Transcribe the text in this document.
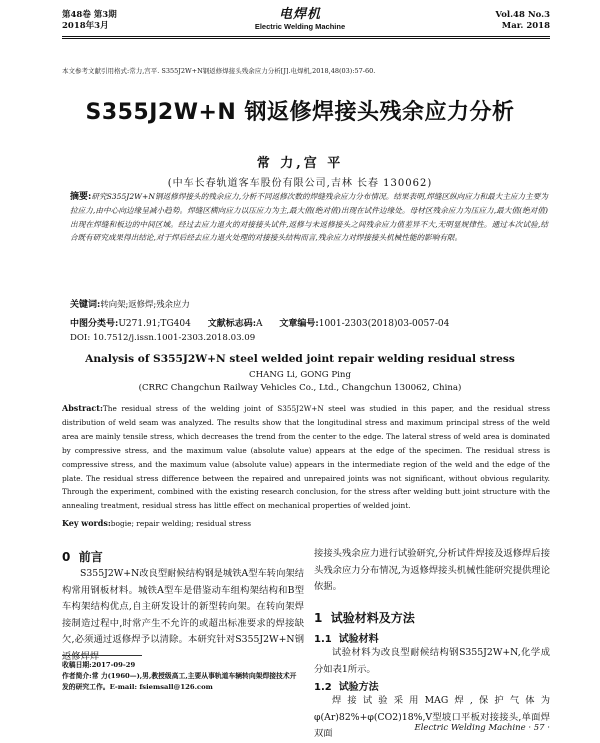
第48卷 第3期
2018年3月
电焊机
Electric Welding Machine
Vol.48 No.3
Mar. 2018
本文参考文献引用格式:常力,宫平. S355J2W+N钢返修焊接头残余应力分析[J].电焊机,2018,48(03):57-60.
S355J2W+N 钢返修焊接头残余应力分析
常 力,宫 平
(中车长春轨道客车股份有限公司,吉林 长春 130062)
摘要:研究S355J2W+N钢返修焊接头的残余应力,分析不同返修次数的焊缝残余应力分布情况。结果表明,焊缝区纵向应力和最大主应力主要为拉应力,由中心向边缘呈减小趋势。焊缝区横向应力以压应力为主,最大值(绝对值)出现在试件边缘处。母材区残余应力为压应力,最大值(绝对值)出现在焊缝和板边的中间区域。经过去应力退火的对接接头试件,返修与未返修接头之间残余应力值差异不大,无明显规律性。通过本次试验,结合既有研究成果得出结论,对于焊后经去应力退火处理的对接接头结构而言,残余应力对焊接接头机械性能的影响有限。
关键词:转向架;返修焊;残余应力
中图分类号:U271.91;TG404 文献标志码:A 文章编号:1001-2303(2018)03-0057-04
DOI: 10.7512/j.issn.1001-2303.2018.03.09
Analysis of S355J2W+N steel welded joint repair welding residual stress
CHANG Li, GONG Ping
(CRRC Changchun Railway Vehicles Co., Ltd., Changchun 130062, China)
Abstract:The residual stress of the welding joint of S355J2W+N steel was studied in this paper, and the residual stress distribution of weld seam was analyzed. The results show that the longitudinal stress and maximum principal stress of the weld area are mainly tensile stress, which decreases the trend from the center to the edge. The lateral stress of weld area is dominated by compressive stress, and the maximum value (absolute value) appears at the edge of the specimen. The residual stress is compressive stress, and the maximum value (absolute value) appears in the intermediate region of the weld and the edge of the plate. The residual stress difference between the repaired and unrepaired joints was not significant, without obvious regularity. Through the experiment, combined with the existing research conclusion, for the stress after welding butt joint structure with the annealing treatment, residual stress has little effect on mechanical properties of welded joint.
Key words:bogie; repair welding; residual stress
0 前言
S355J2W+N改良型耐候结构钢是城铁A型车转向架结构常用钢板材料。城铁A型车是借鉴动车组构架结构和B型车构架结构优点,自主研发设计的新型转向架。在转向架焊接制造过程中,时常产生不允许的或超出标准要求的焊接缺欠,必须通过返修焊予以清除。本研究针对S355J2W+N钢返修焊焊
收稿日期:2017-09-29
作者简介:常 力(1960—),男,教授级高工,主要从事轨道车辆转向架焊接技术开发的研究工作。E-mail: fsiemsall@126.com
接接头残余应力进行试验研究,分析试件焊接及返修焊后接头残余应力分布情况,为返修焊接头机械性能研究提供理论依据。
1 试验材料及方法
1.1 试验材料
试验材料为改良型耐候结构钢S355J2W+N,化学成分如表1所示。
1.2 试验方法
焊接试验采用MAG焊,保护气体为φ(Ar)82%+φ(CO2)18%,V型坡口平板对接接头,单面焊双面
Electric Welding Machine · 57 ·
